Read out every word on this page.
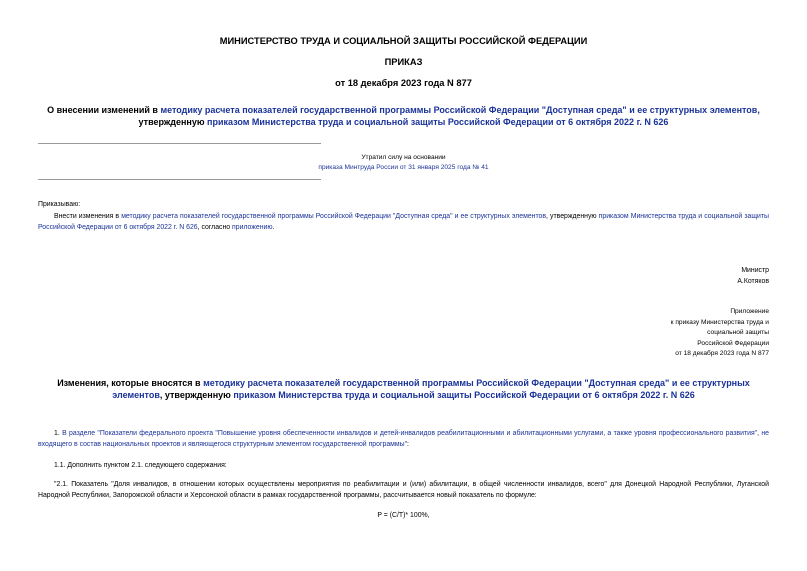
МИНИСТЕРСТВО ТРУДА И СОЦИАЛЬНОЙ ЗАЩИТЫ РОССИЙСКОЙ ФЕДЕРАЦИИ
ПРИКАЗ
от 18 декабря 2023 года N 877
О внесении изменений в методику расчета показателей государственной программы Российской Федерации "Доступная среда" и ее структурных элементов,
утвержденную приказом Министерства труда и социальной защиты Российской Федерации от 6 октября 2022 г. N 626
Утратил силу на основании
приказа Минтруда России от 31 января 2025 года № 41
Приказываю:
Внести изменения в методику расчета показателей государственной программы Российской Федерации "Доступная среда" и ее структурных элементов, утвержденную приказом Министерства труда и социальной защиты Российской Федерации от 6 октября 2022 г. N 626, согласно приложению.
Министр
А.Котяков
Приложение
к приказу Министерства труда и
социальной защиты
Российской Федерации
от 18 декабря 2023 года N 877
Изменения, которые вносятся в методику расчета показателей государственной программы Российской Федерации "Доступная среда" и ее структурных
элементов, утвержденную приказом Министерства труда и социальной защиты Российской Федерации от 6 октября 2022 г. N 626
1. В разделе "Показатели федерального проекта "Повышение уровня обеспеченности инвалидов и детей-инвалидов реабилитационными и абилитационными услугами, а также уровня профессионального развития", не входящего в состав национальных проектов и являющегося структурным элементом государственной программы":
1.1. Дополнить пунктом 2.1. следующего содержания:
"2.1. Показатель "Доля инвалидов, в отношении которых осуществлены мероприятия по реабилитации и (или) абилитации, в общей численности инвалидов, всего" для Донецкой Народной Республики, Луганской Народной Республики, Запорожской области и Херсонской области в рамках государственной программы, рассчитывается новый показатель по формуле:
P = (C/T)* 100%,
